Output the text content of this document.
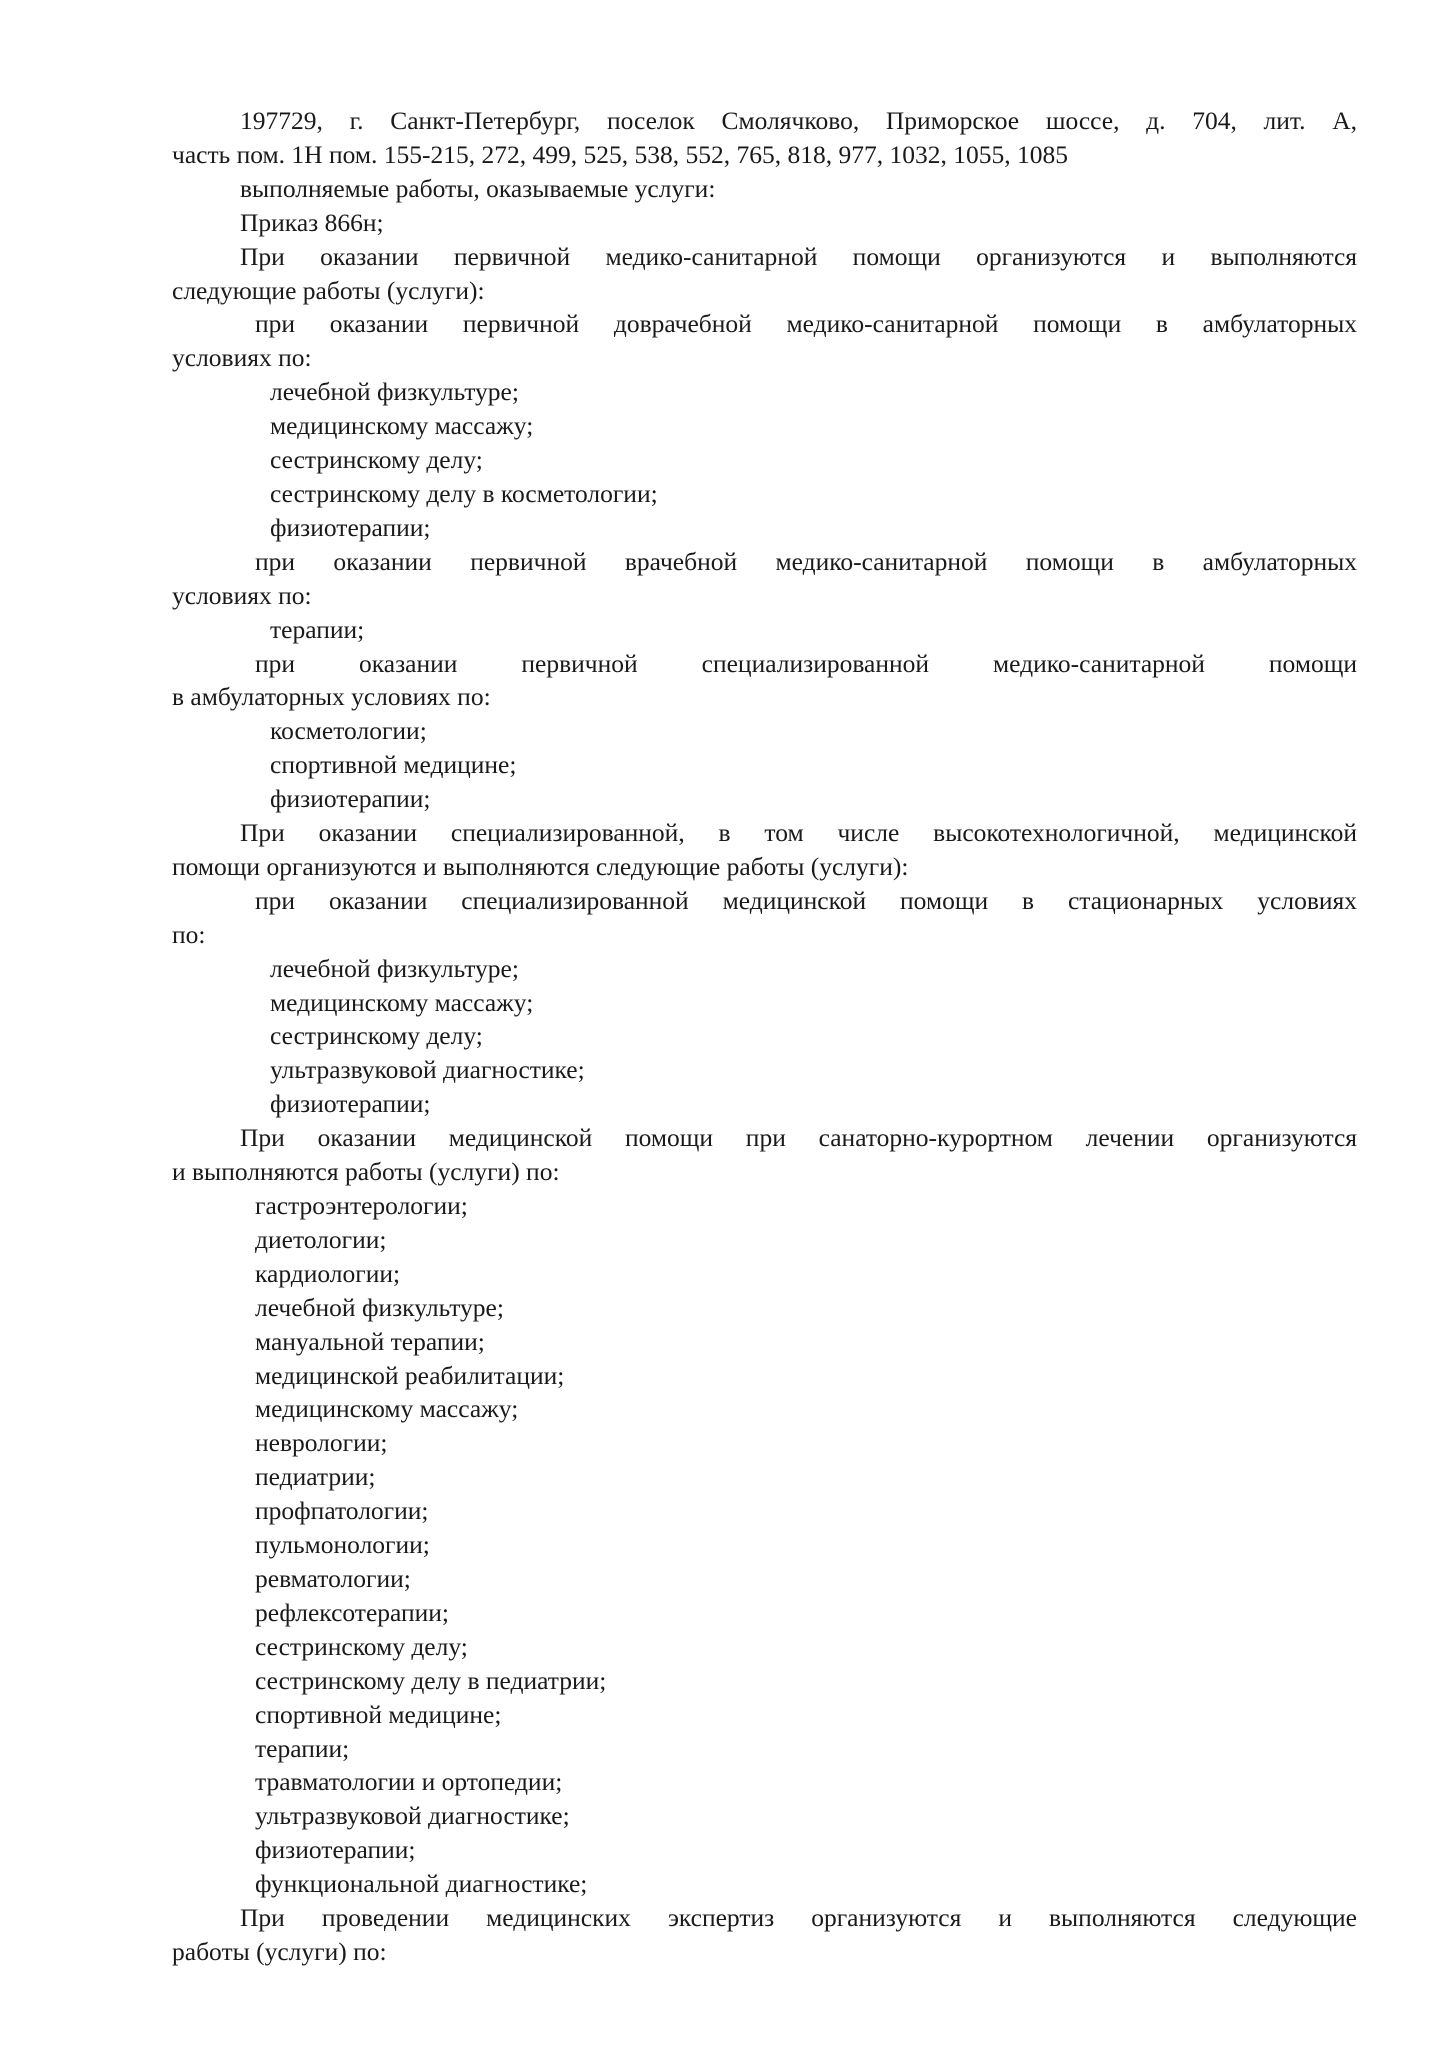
197729, г. Санкт-Петербург, поселок Смолячково, Приморское шоссе, д. 704, лит. А,
часть пом. 1Н пом. 155-215, 272, 499, 525, 538, 552, 765, 818, 977, 1032, 1055, 1085
выполняемые работы, оказываемые услуги:
Приказ 866н;
При оказании первичной медико-санитарной помощи организуются и выполняются
следующие работы (услуги):
при оказании первичной доврачебной медико-санитарной помощи в амбулаторных
условиях по:
лечебной физкультуре;
медицинскому массажу;
сестринскому делу;
сестринскому делу в косметологии;
физиотерапии;
при оказании первичной врачебной медико-санитарной помощи в амбулаторных
условиях по:
терапии;
при оказании первичной специализированной медико-санитарной помощи
в амбулаторных условиях по:
косметологии;
спортивной медицине;
физиотерапии;
При оказании специализированной, в том числе высокотехнологичной, медицинской
помощи организуются и выполняются следующие работы (услуги):
при оказании специализированной медицинской помощи в стационарных условиях
по:
лечебной физкультуре;
медицинскому массажу;
сестринскому делу;
ультразвуковой диагностике;
физиотерапии;
При оказании медицинской помощи при санаторно-курортном лечении организуются
и выполняются работы (услуги) по:
гастроэнтерологии;
диетологии;
кардиологии;
лечебной физкультуре;
мануальной терапии;
медицинской реабилитации;
медицинскому массажу;
неврологии;
педиатрии;
профпатологии;
пульмонологии;
ревматологии;
рефлексотерапии;
сестринскому делу;
сестринскому делу в педиатрии;
спортивной медицине;
терапии;
травматологии и ортопедии;
ультразвуковой диагностике;
физиотерапии;
функциональной диагностике;
При проведении медицинских экспертиз организуются и выполняются следующие
работы (услуги) по:
